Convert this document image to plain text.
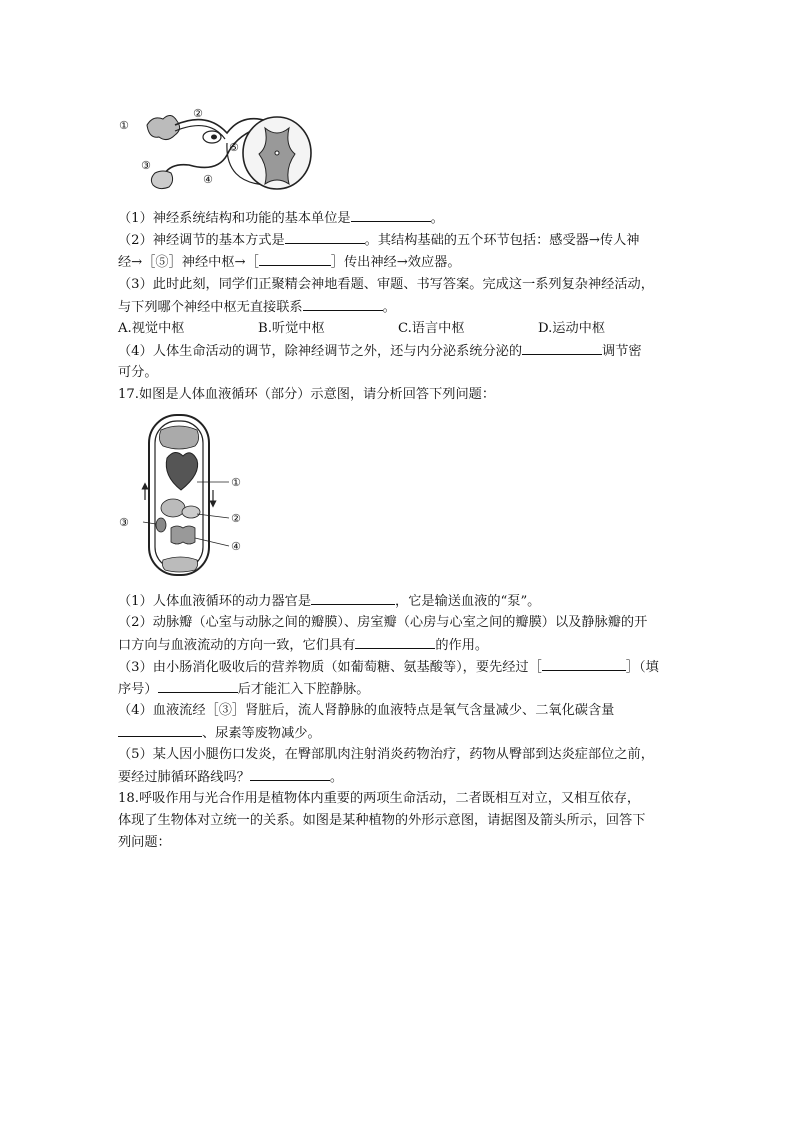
①
②
③
④
⑤
（1）神经系统结构和功能的基本单位是	。
（2）神经调节的基本方式是	。其结构基础的五个环节包括：感受器→传人神
经→［⑤］神经中枢→［	］传出神经→效应器。
（3）此时此刻，同学们正聚精会神地看题、审题、书写答案。完成这一系列复杂神经活动，
与下列哪个神经中枢无直接联系	。
A.视觉中枢	B.听觉中枢	C.语言中枢	D.运动中枢
（4）人体生命活动的调节，除神经调节之外，还与内分泌系统分泌的	调节密
可分。
17.如图是人体血液循环（部分）示意图，请分析回答下列问题：
①
②
③
④
（1）人体血液循环的动力器官是	，它是输送血液的“泵”。
（2）动脉瓣（心室与动脉之间的瓣膜）、房室瓣（心房与心室之间的瓣膜）以及静脉瓣的开
口方向与血液流动的方向一致，它们具有	的作用。
（3）由小肠消化吸收后的营养物质（如葡萄糖、氨基酸等），要先经过［	］（填
序号）	后才能汇入下腔静脉。
（4）血液流经［③］肾脏后，流人肾静脉的血液特点是氧气含量减少、二氧化碳含量
、尿素等废物减少。
（5）某人因小腿伤口发炎，在臀部肌肉注射消炎药物治疗，药物从臀部到达炎症部位之前，
要经过肺循环路线吗？	。
18.呼吸作用与光合作用是植物体内重要的两项生命活动，二者既相互对立，又相互依存，
体现了生物体对立统一的关系。如图是某种植物的外形示意图，请据图及箭头所示，回答下
列问题：
